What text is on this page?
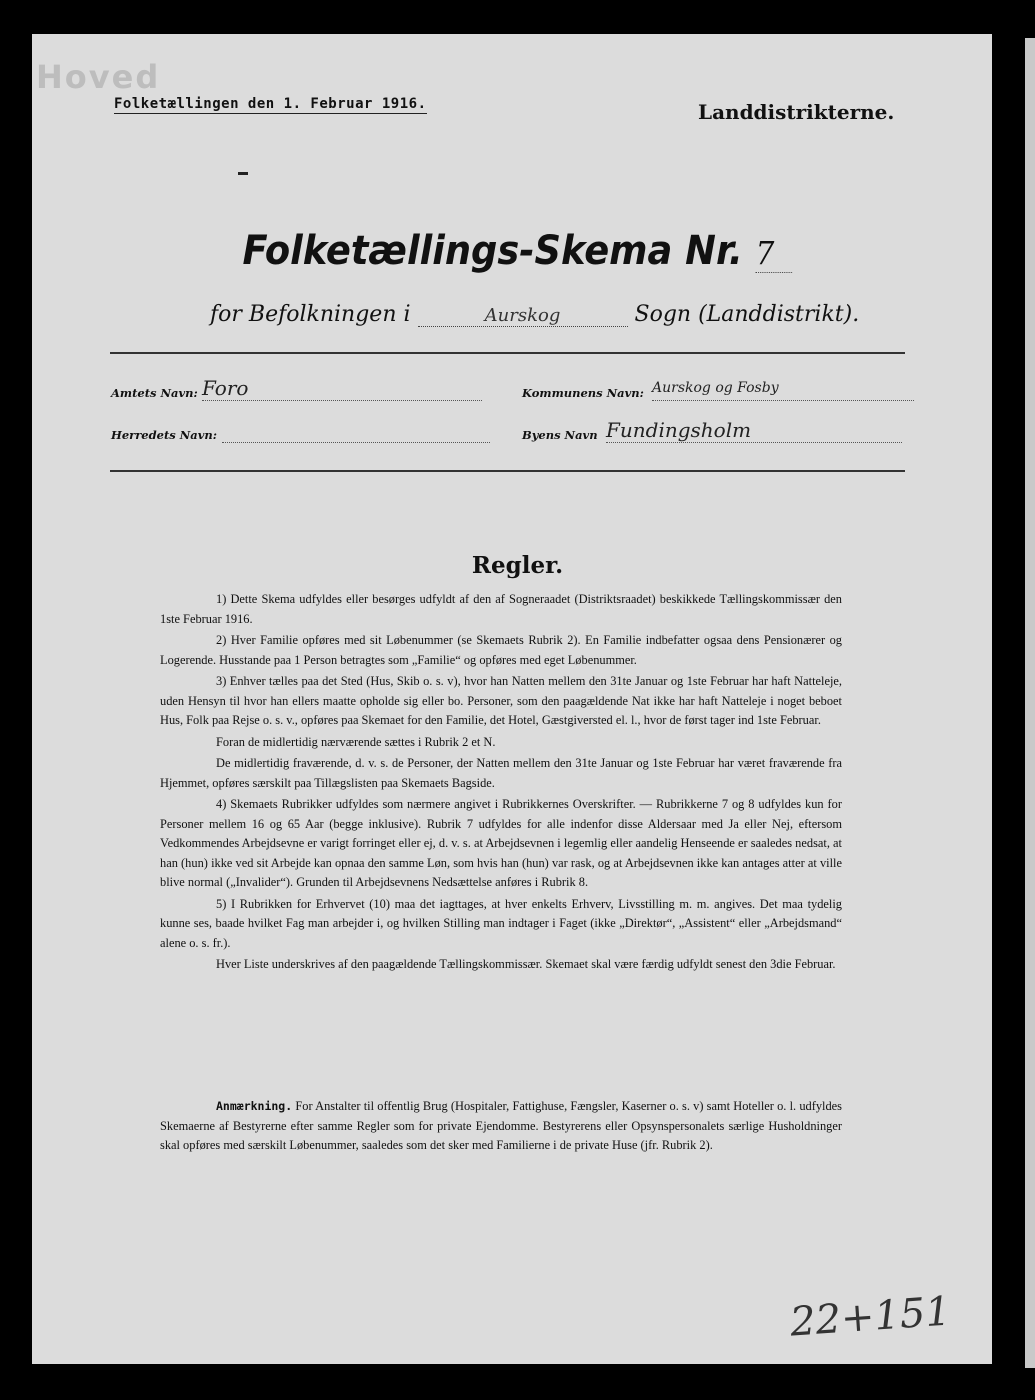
Hoved
Folketællingen den 1. Februar 1916.	Landdistrikterne.
Folketællings-Skema Nr. 7
for Befolkningen i	Aurskog	Sogn (Landdistrikt).
Amtets Navn: Foro	Kommunens Navn: Aurskog og Fosby
Herredets Navn:	Byens Navn Fundingsholm
Regler.

1) Dette Skema udfyldes eller besørges udfyldt af den af Sogneraadet (Distriktsraadet) beskikkede Tællingskommissær den 1ste Februar 1916.

2) Hver Familie opføres med sit Løbenummer (se Skemaets Rubrik 2). En Familie indbefatter ogsaa dens Pensionærer og Logerende. Husstande paa 1 Person betragtes som „Familie“ og opføres med eget Løbenummer.

3) Enhver tælles paa det Sted (Hus, Skib o. s. v), hvor han Natten mellem den 31te Januar og 1ste Februar har haft Natteleje, uden Hensyn til hvor han ellers maatte opholde sig eller bo. Personer, som den paagældende Nat ikke har haft Natteleje i noget beboet Hus, Folk paa Rejse o. s. v., opføres paa Skemaet for den Familie, det Hotel, Gæstgiversted el. l., hvor de først tager ind 1ste Februar.

Foran de midlertidig nærværende sættes i Rubrik 2 et N.

De midlertidig fraværende, d. v. s. de Personer, der Natten mellem den 31te Januar og 1ste Februar har været fraværende fra Hjemmet, opføres særskilt paa Tillægslisten paa Skemaets Bagside.

4) Skemaets Rubrikker udfyldes som nærmere angivet i Rubrikkernes Overskrifter. — Rubrikkerne 7 og 8 udfyldes kun for Personer mellem 16 og 65 Aar (begge inklusive). Rubrik 7 udfyldes for alle indenfor disse Aldersaar med Ja eller Nej, eftersom Vedkommendes Arbejdsevne er varigt forringet eller ej, d. v. s. at Arbejdsevnen i legemlig eller aandelig Henseende er saaledes nedsat, at han (hun) ikke ved sit Arbejde kan opnaa den samme Løn, som hvis han (hun) var rask, og at Arbejdsevnen ikke kan antages atter at ville blive normal („Invalider“). Grunden til Arbejdsevnens Nedsættelse anføres i Rubrik 8.

5) I Rubrikken for Erhvervet (10) maa det iagttages, at hver enkelts Erhverv, Livsstilling m. m. angives. Det maa tydelig kunne ses, baade hvilket Fag man arbejder i, og hvilken Stilling man indtager i Faget (ikke „Direktør“, „Assistent“ eller „Arbejdsmand“ alene o. s. fr.).

Hver Liste underskrives af den paagældende Tællingskommissær. Skemaet skal være færdig udfyldt senest den 3die Februar.

Anmærkning. For Anstalter til offentlig Brug (Hospitaler, Fattighuse, Fængsler, Kaserner o. s. v) samt Hoteller o. l. udfyldes Skemaerne af Bestyrerne efter samme Regler som for private Ejendomme. Bestyrerens eller Opsynspersonalets særlige Husholdninger skal opføres med særskilt Løbenummer, saaledes som det sker med Familierne i de private Huse (jfr. Rubrik 2).

22+151
